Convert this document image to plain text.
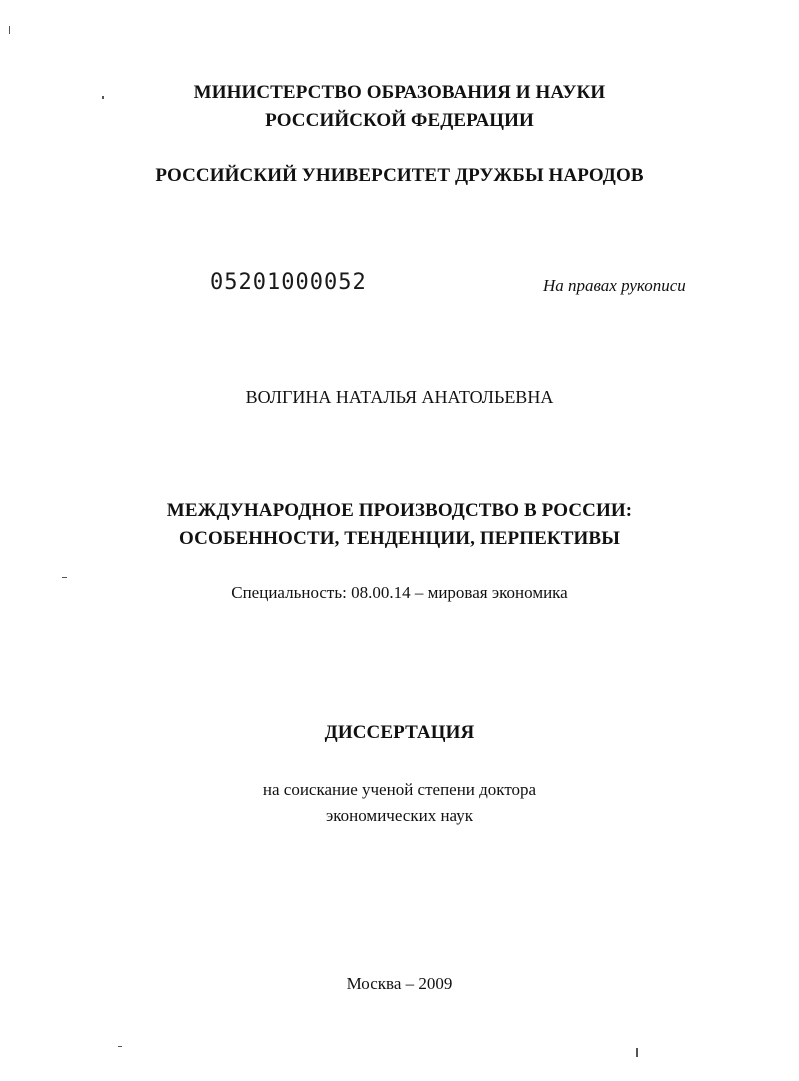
МИНИСТЕРСТВО ОБРАЗОВАНИЯ И НАУКИ
РОССИЙСКОЙ ФЕДЕРАЦИИ
РОССИЙСКИЙ УНИВЕРСИТЕТ ДРУЖБЫ НАРОДОВ
05201000052	На правах рукописи
ВОЛГИНА НАТАЛЬЯ АНАТОЛЬЕВНА
МЕЖДУНАРОДНОЕ ПРОИЗВОДСТВО В РОССИИ:
ОСОБЕННОСТИ, ТЕНДЕНЦИИ, ПЕРПЕКТИВЫ
Специальность: 08.00.14 – мировая экономика
ДИССЕРТАЦИЯ
на соискание ученой степени доктора
экономических наук
Москва – 2009
